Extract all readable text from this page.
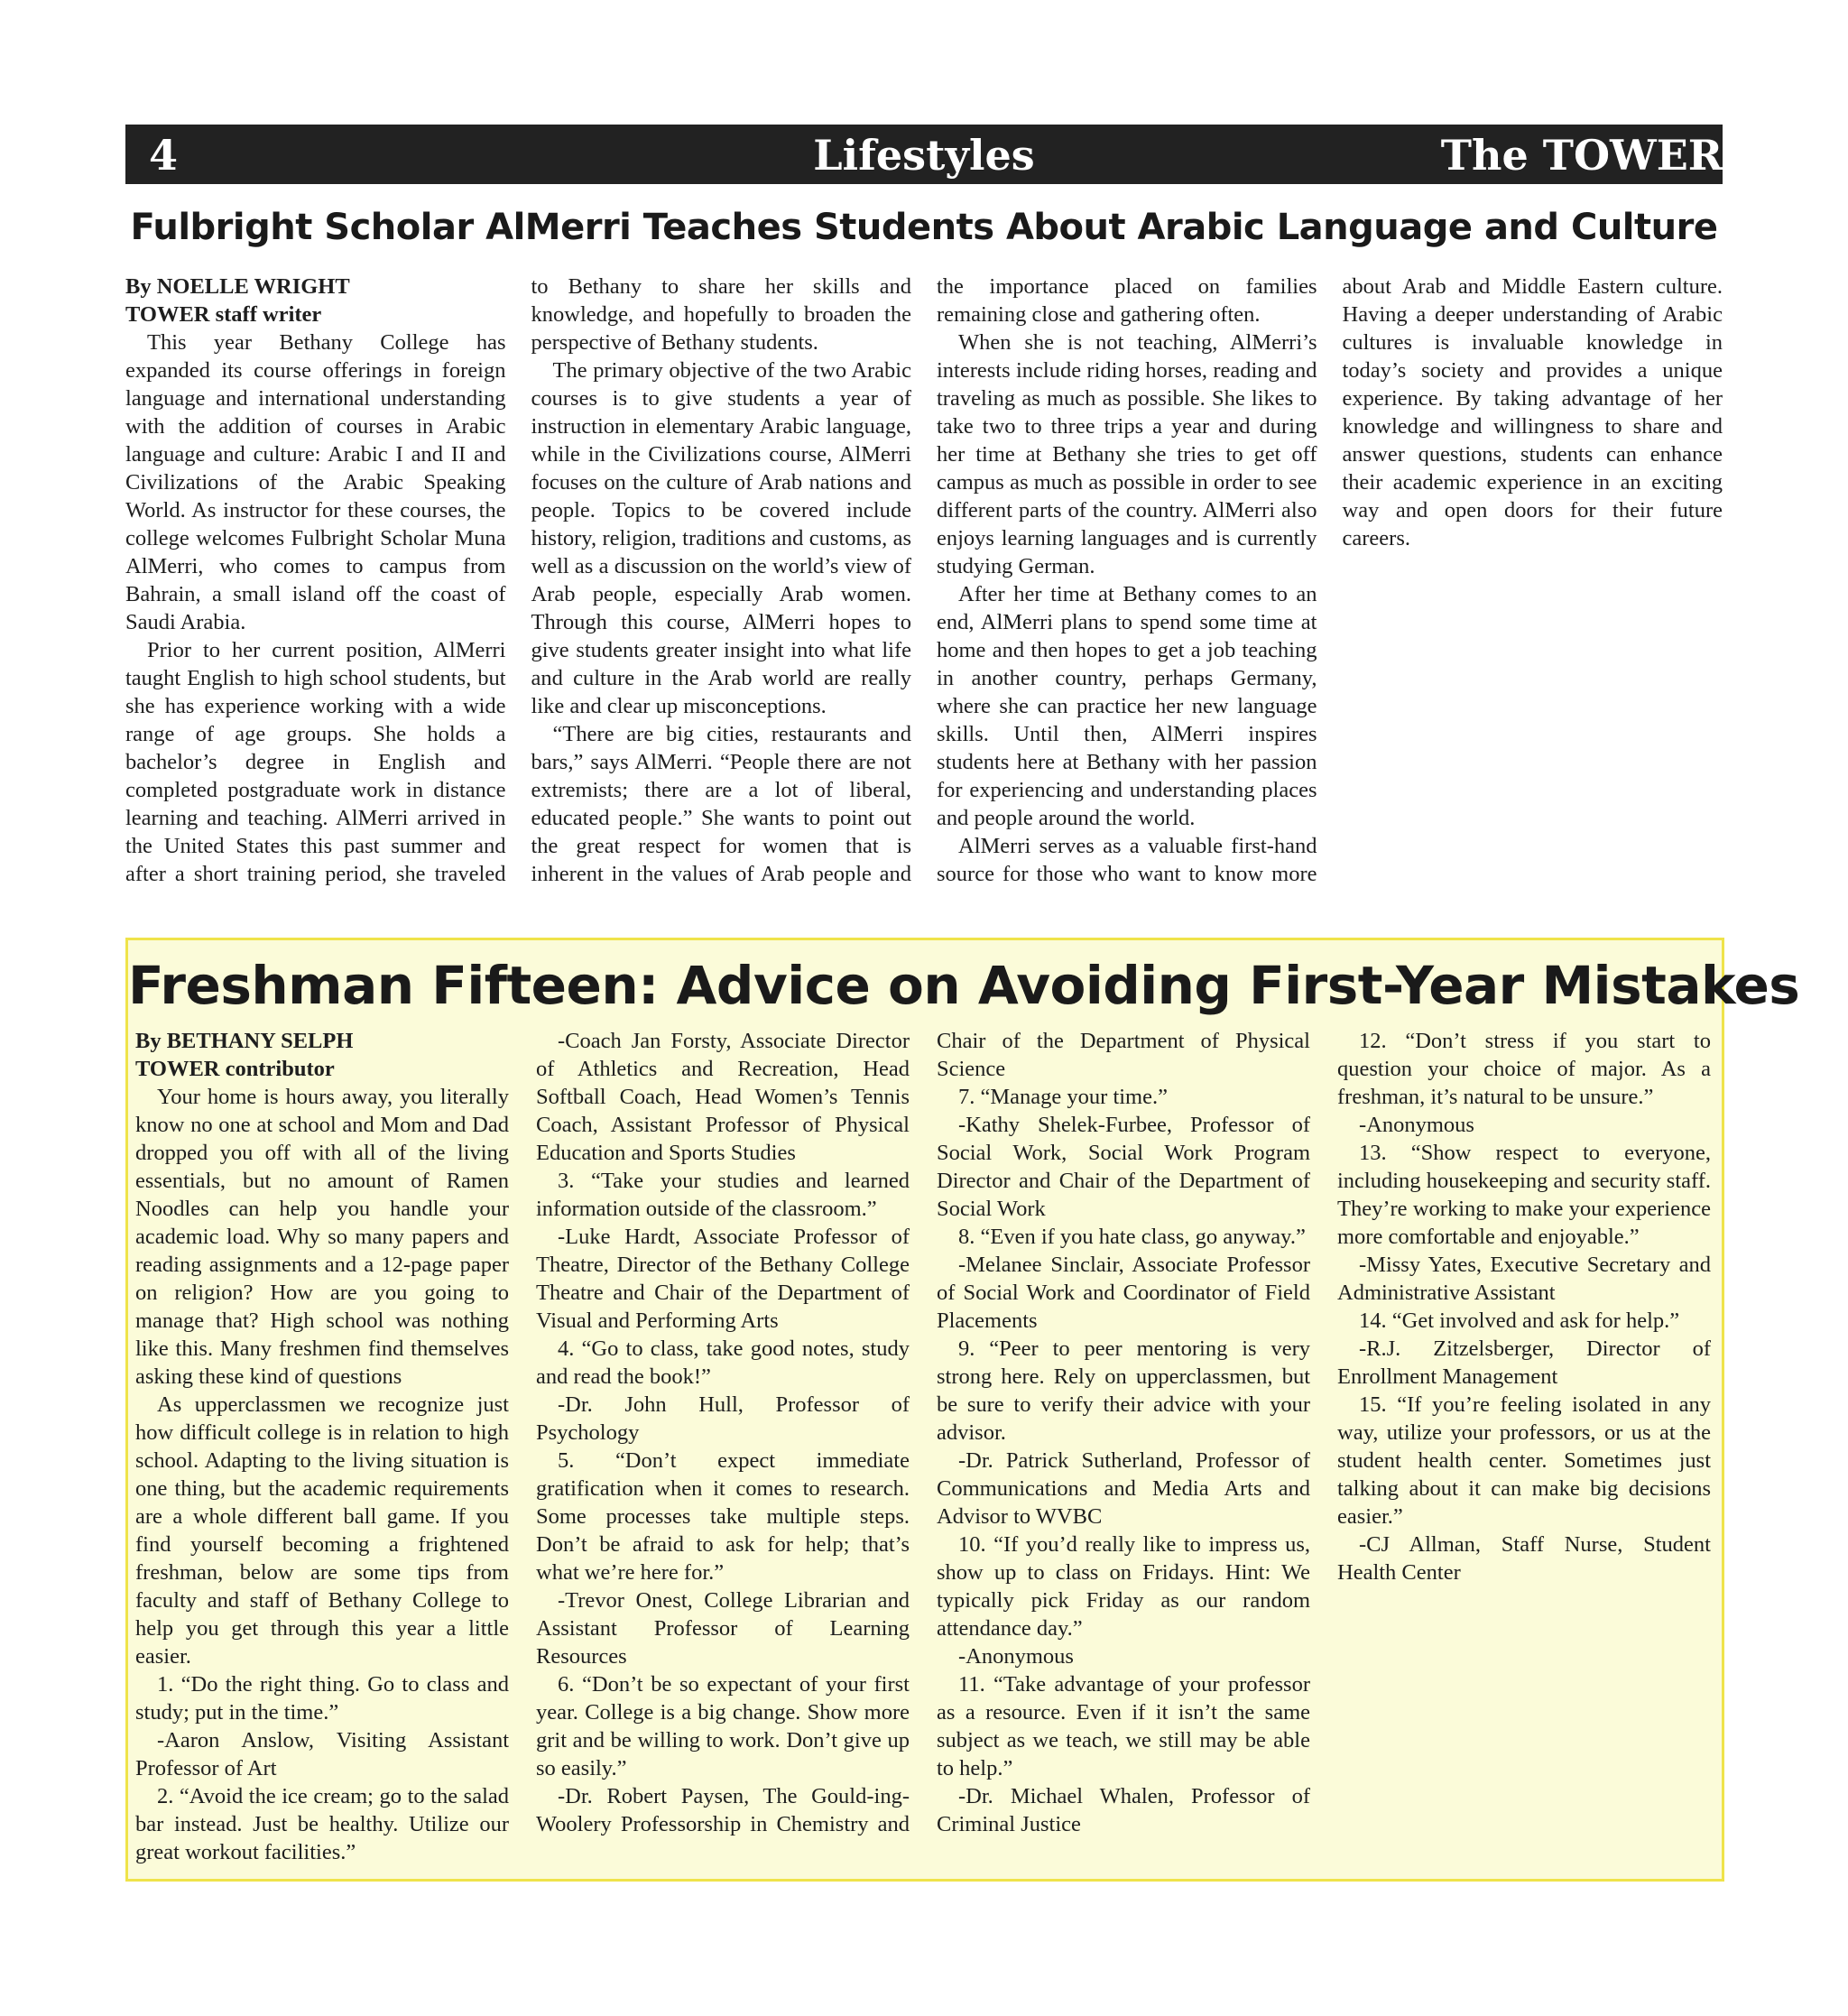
4	Lifestyles	The TOWER
Fulbright Scholar AlMerri Teaches Students About Arabic Language and Culture

By NOELLE WRIGHT

TOWER staff writer

This year Bethany College has expanded its course offerings in foreign language and international understanding with the addition of courses in Arabic language and culture: Arabic I and II and Civilizations of the Arabic Speaking World. As instructor for these courses, the college welcomes Fulbright Scholar Muna AlMerri, who comes to campus from Bahrain, a small island off the coast of Saudi Arabia.

Prior to her current position, AlMerri taught English to high school students, but she has experience working with a wide range of age groups. She holds a bachelor’s degree in English and completed postgraduate work in distance learning and teaching. AlMerri arrived in the United States this past summer and after a short training period, she traveled to Bethany to share her skills and knowledge, and hopefully to broaden the perspective of Bethany students.

The primary objective of the two Arabic courses is to give students a year of instruction in elementary Arabic language, while in the Civilizations course, AlMerri focuses on the culture of Arab nations and people. Topics to be covered include history, religion, traditions and customs, as well as a discussion on the world’s view of Arab people, especially Arab women. Through this course, AlMerri hopes to give students greater insight into what life and culture in the Arab world are really like and clear up misconceptions.

“There are big cities, restaurants and bars,” says AlMerri. “People there are not extremists; there are a lot of liberal, educated people.” She wants to point out the great respect for women that is inherent in the values of Arab people and the importance placed on families remaining close and gathering often.

When she is not teaching, AlMerri’s interests include riding horses, reading and traveling as much as possible. She likes to take two to three trips a year and during her time at Bethany she tries to get off campus as much as possible in order to see different parts of the country. AlMerri also enjoys learning languages and is currently studying German.

After her time at Bethany comes to an end, AlMerri plans to spend some time at home and then hopes to get a job teaching in another country, perhaps Germany, where she can practice her new language skills. Until then, AlMerri inspires students here at Bethany with her passion for experiencing and understanding places and people around the world.

AlMerri serves as a valuable first-hand source for those who want to know more about Arab and Middle Eastern culture. Having a deeper understanding of Arabic cultures is invaluable knowledge in today’s society and provides a unique experience. By taking advantage of her knowledge and willingness to share and answer questions, students can enhance their academic experience in an exciting way and open doors for their future careers.

Freshman Fifteen: Advice on Avoiding First-Year Mistakes

By BETHANY SELPH

TOWER contributor

Your home is hours away, you literally know no one at school and Mom and Dad dropped you off with all of the living essentials, but no amount of Ramen Noodles can help you handle your academic load. Why so many papers and reading assignments and a 12-page paper on religion? How are you going to manage that? High school was nothing like this. Many freshmen find themselves asking these kind of questions

As upperclassmen we recognize just how difficult college is in relation to high school. Adapting to the living situation is one thing, but the academic requirements are a whole different ball game. If you find yourself becoming a frightened freshman, below are some tips from faculty and staff of Bethany College to help you get through this year a little easier.

1. “Do the right thing. Go to class and study; put in the time.”

-Aaron Anslow, Visiting Assistant Professor of Art

2. “Avoid the ice cream; go to the salad bar instead. Just be healthy. Utilize our great workout facilities.”

-Coach Jan Forsty, Associate Director of Athletics and Recreation, Head Softball Coach, Head Women’s Tennis Coach, Assistant Professor of Physical Education and Sports Studies

3. “Take your studies and learned information outside of the classroom.”

-Luke Hardt, Associate Professor of Theatre, Director of the Bethany College Theatre and Chair of the Department of Visual and Performing Arts

4. “Go to class, take good notes, study and read the book!”

-Dr. John Hull, Professor of Psychology

5. “Don’t expect immediate gratification when it comes to research. Some processes take multiple steps. Don’t be afraid to ask for help; that’s what we’re here for.”

-Trevor Onest, College Librarian and Assistant Professor of Learning Resources

6. “Don’t be so expectant of your first year. College is a big change. Show more grit and be willing to work. Don’t give up so easily.”

-Dr. Robert Paysen, The Gould-ing-Woolery Professorship in Chemistry and Chair of the Department of Physical Science

7. “Manage your time.”

-Kathy Shelek-Furbee, Professor of Social Work, Social Work Program Director and Chair of the Department of Social Work

8. “Even if you hate class, go anyway.”

-Melanee Sinclair, Associate Professor of Social Work and Coordinator of Field Placements

9. “Peer to peer mentoring is very strong here. Rely on upperclassmen, but be sure to verify their advice with your advisor.

-Dr. Patrick Sutherland, Professor of Communications and Media Arts and Advisor to WVBC

10. “If you’d really like to impress us, show up to class on Fridays. Hint: We typically pick Friday as our random attendance day.”

-Anonymous

11. “Take advantage of your professor as a resource. Even if it isn’t the same subject as we teach, we still may be able to help.”

-Dr. Michael Whalen, Professor of Criminal Justice

12. “Don’t stress if you start to question your choice of major. As a freshman, it’s natural to be unsure.”

-Anonymous

13. “Show respect to everyone, including housekeeping and security staff. They’re working to make your experience more comfortable and enjoyable.”

-Missy Yates, Executive Secretary and Administrative Assistant

14. “Get involved and ask for help.”

-R.J. Zitzelsberger, Director of Enrollment Management

15. “If you’re feeling isolated in any way, utilize your professors, or us at the student health center. Sometimes just talking about it can make big decisions easier.”

-CJ Allman, Staff Nurse, Student Health Center
